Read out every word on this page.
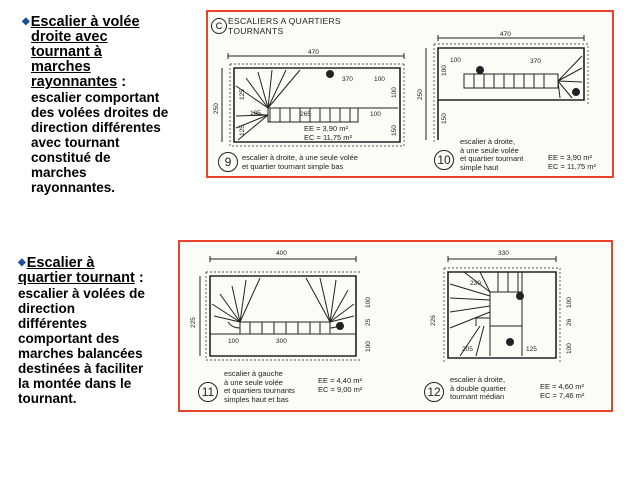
◆Escalier à volée
droite avec
tournant à
marches
rayonnantes :
escalier comportant
des volées droites de
direction différentes
avec tournant
constitué de
marches
rayonnantes.
◆Escalier à
quartier tournant :
escalier à volées de
direction
différentes
comportant des
marches balancées
destinées à faciliter
la montée dans le
tournant.
C ESCALIERS A QUARTIERS
TOURNANTS
470
370	100
105	265	100
250
125
125
100
150
EE = 3,90 m²
EC = 11,75 m²
9	escalier à droite, à une seule volée
et quartier tournant simple bas
470
100	370
250
100
150
10
escalier à droite,
à une seule volée
et quartier tournant
simple haut
EE = 3,90 m²
EC = 11,75 m²
400
100	300
225
100
25
100
11
escalier à gauche
à une seule volée
et quartiers tournants
simples haut et bas
EE = 4,40 m²
EC = 9,00 m²
330
230
205	125
226
100
26
100
12
escalier à droite,
à double quartier
tournant médian
EE = 4,60 m²
EC = 7,46 m²
